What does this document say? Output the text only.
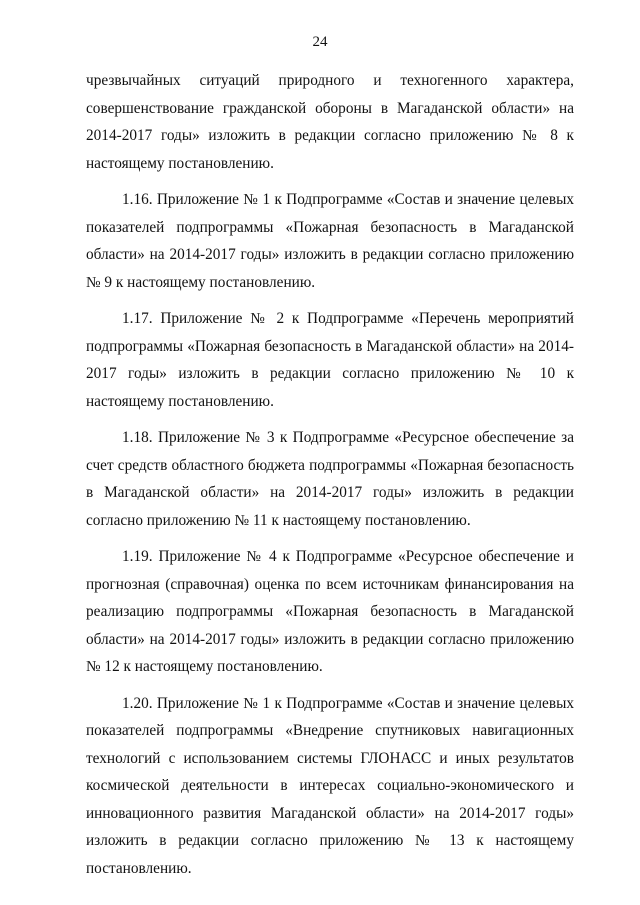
24

чрезвычайных ситуаций природного и техногенного характера, совершенствование гражданской обороны в Магаданской области» на 2014-2017 годы» изложить в редакции согласно приложению № 8 к настоящему постановлению.

1.16. Приложение № 1 к Подпрограмме «Состав и значение целевых показателей подпрограммы «Пожарная безопасность в Магаданской области» на 2014-2017 годы» изложить в редакции согласно приложению № 9 к настоящему постановлению.

1.17. Приложение № 2 к Подпрограмме «Перечень мероприятий подпрограммы «Пожарная безопасность в Магаданской области» на 2014-2017 годы» изложить в редакции согласно приложению № 10 к настоящему постановлению.

1.18. Приложение № 3 к Подпрограмме «Ресурсное обеспечение за счет средств областного бюджета подпрограммы «Пожарная безопасность в Магаданской области» на 2014-2017 годы» изложить в редакции согласно приложению № 11 к настоящему постановлению.

1.19. Приложение № 4 к Подпрограмме «Ресурсное обеспечение и прогнозная (справочная) оценка по всем источникам финансирования на реализацию подпрограммы «Пожарная безопасность в Магаданской области» на 2014-2017 годы» изложить в редакции согласно приложению № 12 к настоящему постановлению.

1.20. Приложение № 1 к Подпрограмме «Состав и значение целевых показателей подпрограммы «Внедрение спутниковых навигационных технологий с использованием системы ГЛОНАСС и иных результатов космической деятельности в интересах социально-экономического и инновационного развития Магаданской области» на 2014-2017 годы» изложить в редакции согласно приложению № 13 к настоящему постановлению.
